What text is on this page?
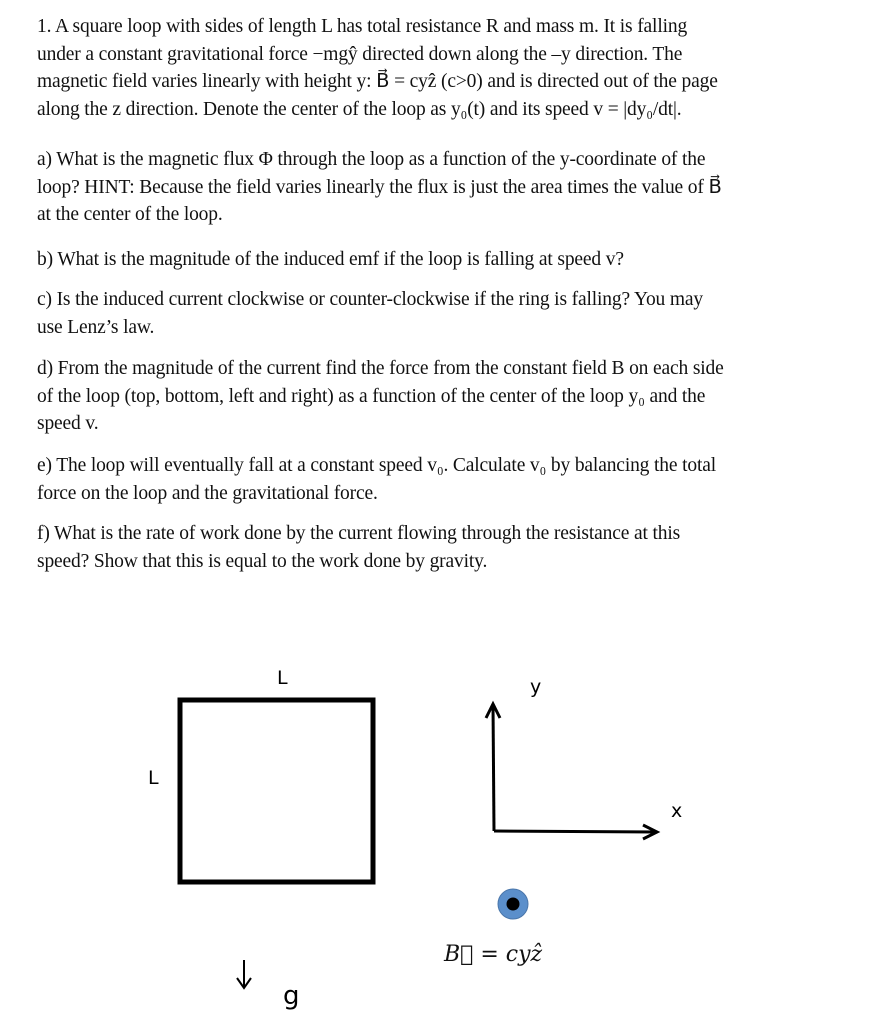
1. A square loop with sides of length L has total resistance R and mass m. It is falling
under a constant gravitational force −mgŷ directed down along the –y direction. The
magnetic field varies linearly with height y: B⃗ = cyẑ (c>0) and is directed out of the page
along the z direction. Denote the center of the loop as y₀(t) and its speed v = |dy₀/dt|.
a) What is the magnetic flux Φ through the loop as a function of the y-coordinate of the
loop? HINT: Because the field varies linearly the flux is just the area times the value of B⃗
at the center of the loop.
b) What is the magnitude of the induced emf if the loop is falling at speed v?
c) Is the induced current clockwise or counter-clockwise if the ring is falling? You may
use Lenz’s law.
d) From the magnitude of the current find the force from the constant field B on each side
of the loop (top, bottom, left and right) as a function of the center of the loop y₀ and the
speed v.
e) The loop will eventually fall at a constant speed v₀. Calculate v₀ by balancing the total
force on the loop and the gravitational force.
f) What is the rate of work done by the current flowing through the resistance at this
speed? Show that this is equal to the work done by gravity.
L
L
g
y
x
B⃗ = cyẑ
